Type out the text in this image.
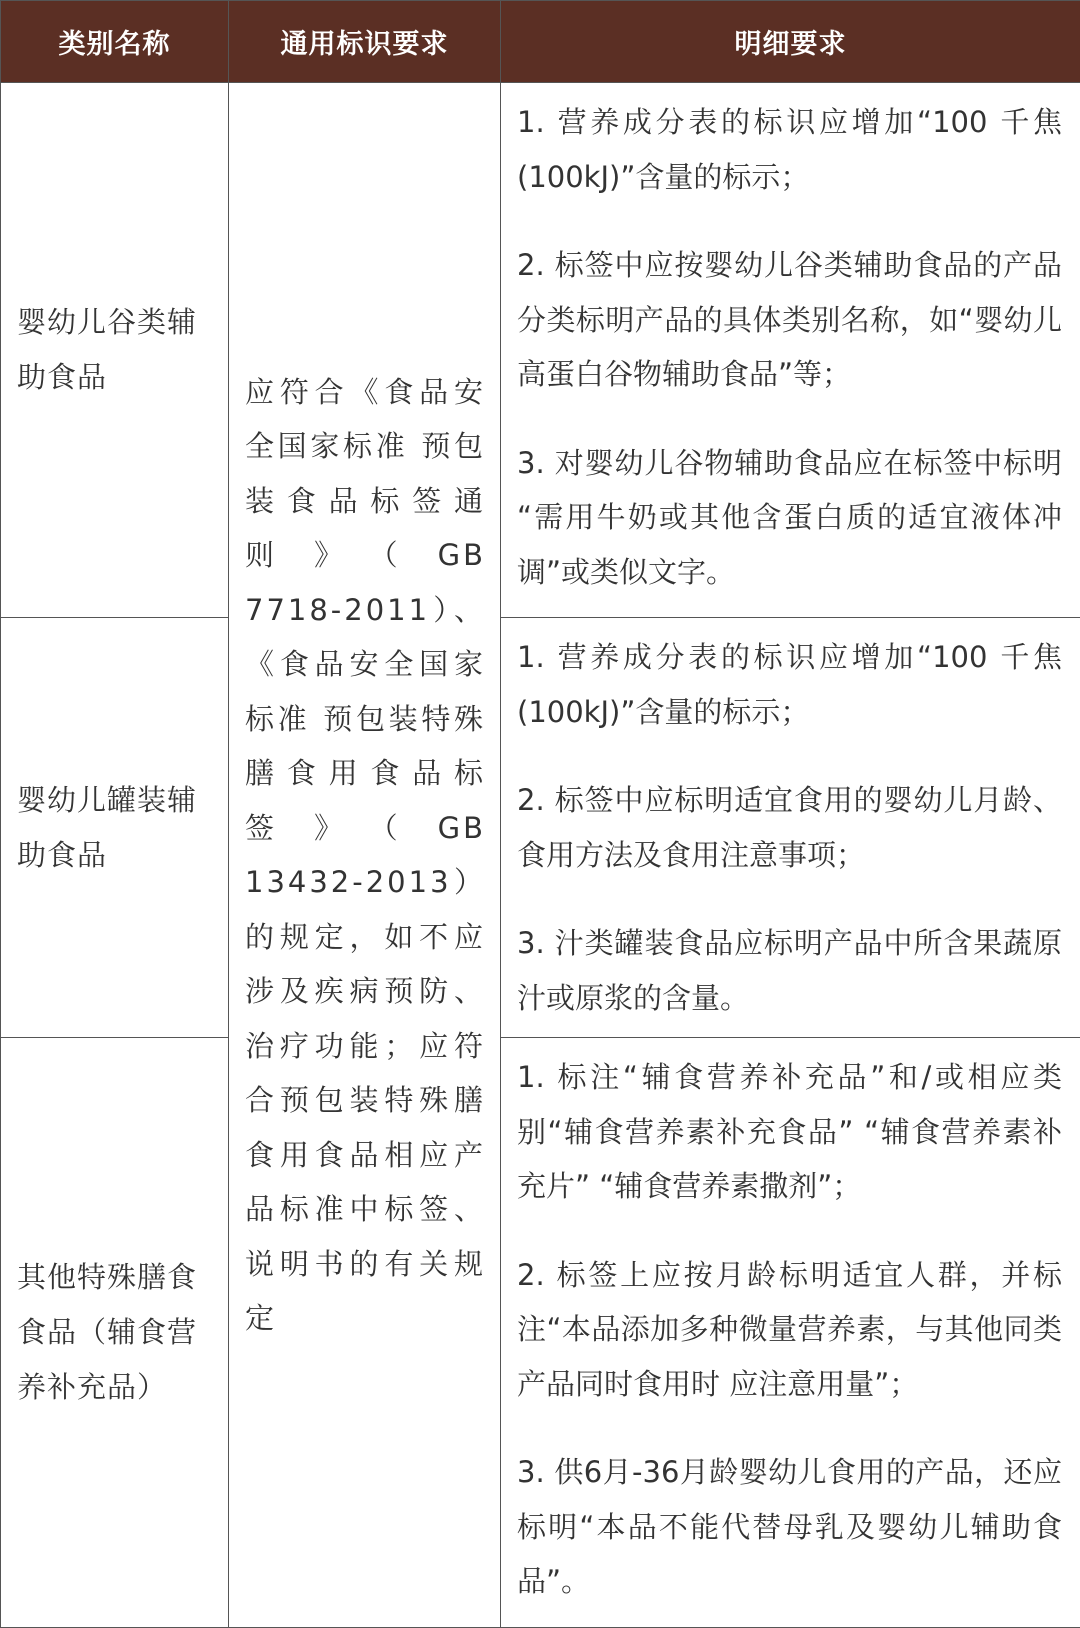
类别名称	通用标识要求	明细要求
婴幼儿谷类辅助食品	应符合《食品安全国家标准 预包装食品标签通则》（GB 7718-2011）、《食品安全国家标准 预包装特殊膳食用食品标签》（GB 13432-2013）的规定，如不应涉及疾病预防、治疗功能；应符合预包装特殊膳食用食品相应产品标准中标签、说明书的有关规定	1. 营养成分表的标识应增加“100 千焦(100kJ)”含量的标示；

2. 标签中应按婴幼儿谷类辅助食品的产品分类标明产品的具体类别名称，如“婴幼儿高蛋白谷物辅助食品”等；

3. 对婴幼儿谷物辅助食品应在标签中标明 “需用牛奶或其他含蛋白质的适宜液体冲调”或类似文字。

婴幼儿罐装辅助食品		1. 营养成分表的标识应增加“100 千焦(100kJ)”含量的标示；

2. 标签中应标明适宜食用的婴幼儿月龄、食用方法及食用注意事项；

3. 汁类罐装食品应标明产品中所含果蔬原汁或原浆的含量。

其他特殊膳食食品（辅食营养补充品）		1. 标注“辅食营养补充品”和/或相应类别“辅食营养素补充食品” “辅食营养素补充片” “辅食营养素撒剂”；

2. 标签上应按月龄标明适宜人群，并标注“本品添加多种微量营养素，与其他同类产品同时食用时 应注意用量”；

3. 供6月-36月龄婴幼儿食用的产品，还应标明“本品不能代替母乳及婴幼儿辅助食品”。
